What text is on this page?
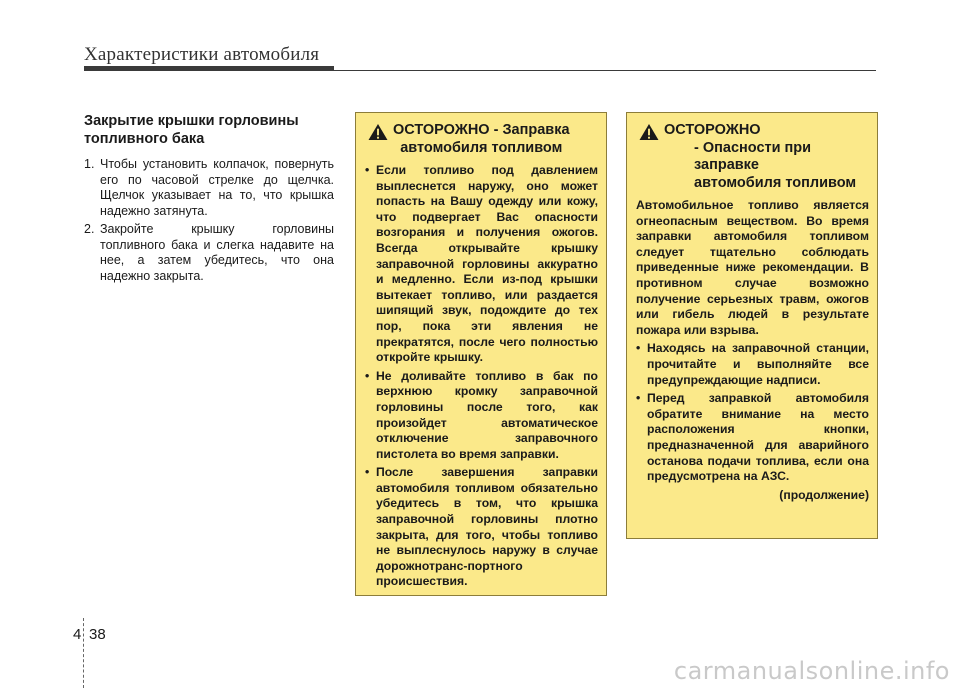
Характеристики автомобиля
Закрытие крышки горловины топливного бака
1. Чтобы установить колпачок, повернуть его по часовой стрелке до щелчка. Щелчок указывает на то, что крышка надежно затянута.
2. Закройте крышку горловины топливного бака и слегка надавите на нее, а затем убедитесь, что она надежно закрыта.
ОСТОРОЖНО - Заправка
автомобиля топливом
• Если топливо под давлением выплеснется наружу, оно может попасть на Вашу одежду или кожу, что подвергает Вас опасности возгорания и получения ожогов. Всегда открывайте крышку заправочной горловины аккуратно и медленно. Если из-под крышки вытекает топливо, или раздается шипящий звук, подождите до тех пор, пока эти явления не прекратятся, после чего полностью откройте крышку.
• Не доливайте топливо в бак по верхнюю кромку заправочной горловины после того, как произойдет автоматическое отключение заправочного пистолета во время заправки.
• После завершения заправки автомобиля топливом обязательно убедитесь в том, что крышка заправочной горловины плотно закрыта, для того, чтобы топливо не выплеснулось наружу в случае дорожнотранс-портного происшествия.
ОСТОРОЖНО
- Опасности при заправке
автомобиля топливом
Автомобильное топливо является огнеопасным веществом. Во время заправки автомобиля топливом следует тщательно соблюдать приведенные ниже рекомендации. В противном случае возможно получение серьезных травм, ожогов или гибель людей в результате пожара или взрыва.
• Находясь на заправочной станции, прочитайте и выполняйте все предупреждающие надписи.
• Перед заправкой автомобиля обратите внимание на место расположения кнопки, предназначенной для аварийного останова подачи топлива, если она предусмотрена на АЗС.
(продолжение)
4 38
carmanualsonline.info
